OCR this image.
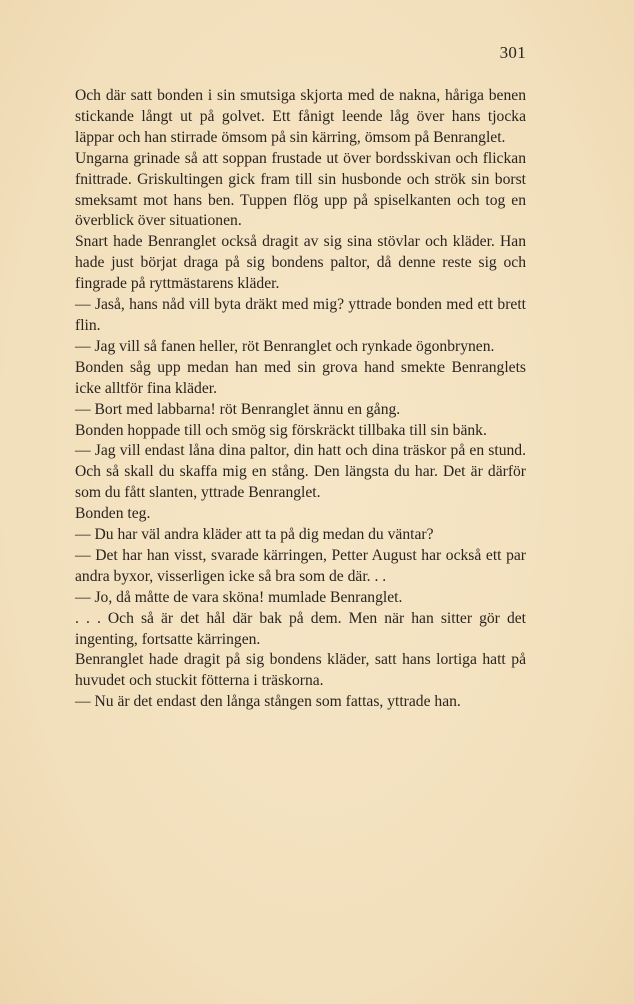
301

Och där satt bonden i sin smutsiga skjorta med de nakna, håriga benen stickande långt ut på golvet. Ett fånigt leende låg över hans tjocka läppar och han stirrade ömsom på sin kärring, ömsom på Benranglet.

Ungarna grinade så att soppan frustade ut över bordsskivan och flickan fnittrade. Griskultingen gick fram till sin husbonde och strök sin borst smeksamt mot hans ben. Tuppen flög upp på spiselkanten och tog en överblick över situationen.

Snart hade Benranglet också dragit av sig sina stövlar och kläder. Han hade just börjat draga på sig bondens paltor, då denne reste sig och fingrade på ryttmästarens kläder.

— Jaså, hans nåd vill byta dräkt med mig? yttrade bonden med ett brett flin.

— Jag vill så fanen heller, röt Benranglet och rynkade ögonbrynen.

Bonden såg upp medan han med sin grova hand smekte Benranglets icke alltför fina kläder.

— Bort med labbarna! röt Benranglet ännu en gång.

Bonden hoppade till och smög sig förskräckt tillbaka till sin bänk.

— Jag vill endast låna dina paltor, din hatt och dina träskor på en stund. Och så skall du skaffa mig en stång. Den längsta du har. Det är därför som du fått slanten, yttrade Benranglet.

Bonden teg.

— Du har väl andra kläder att ta på dig medan du väntar?

— Det har han visst, svarade kärringen, Petter August har också ett par andra byxor, visserligen icke så bra som de där. . .

— Jo, då måtte de vara sköna! mumlade Benranglet.

. . . Och så är det hål där bak på dem. Men när han sitter gör det ingenting, fortsatte kärringen.

Benranglet hade dragit på sig bondens kläder, satt hans lortiga hatt på huvudet och stuckit fötterna i träskorna.

— Nu är det endast den långa stången som fattas, yttrade han.
